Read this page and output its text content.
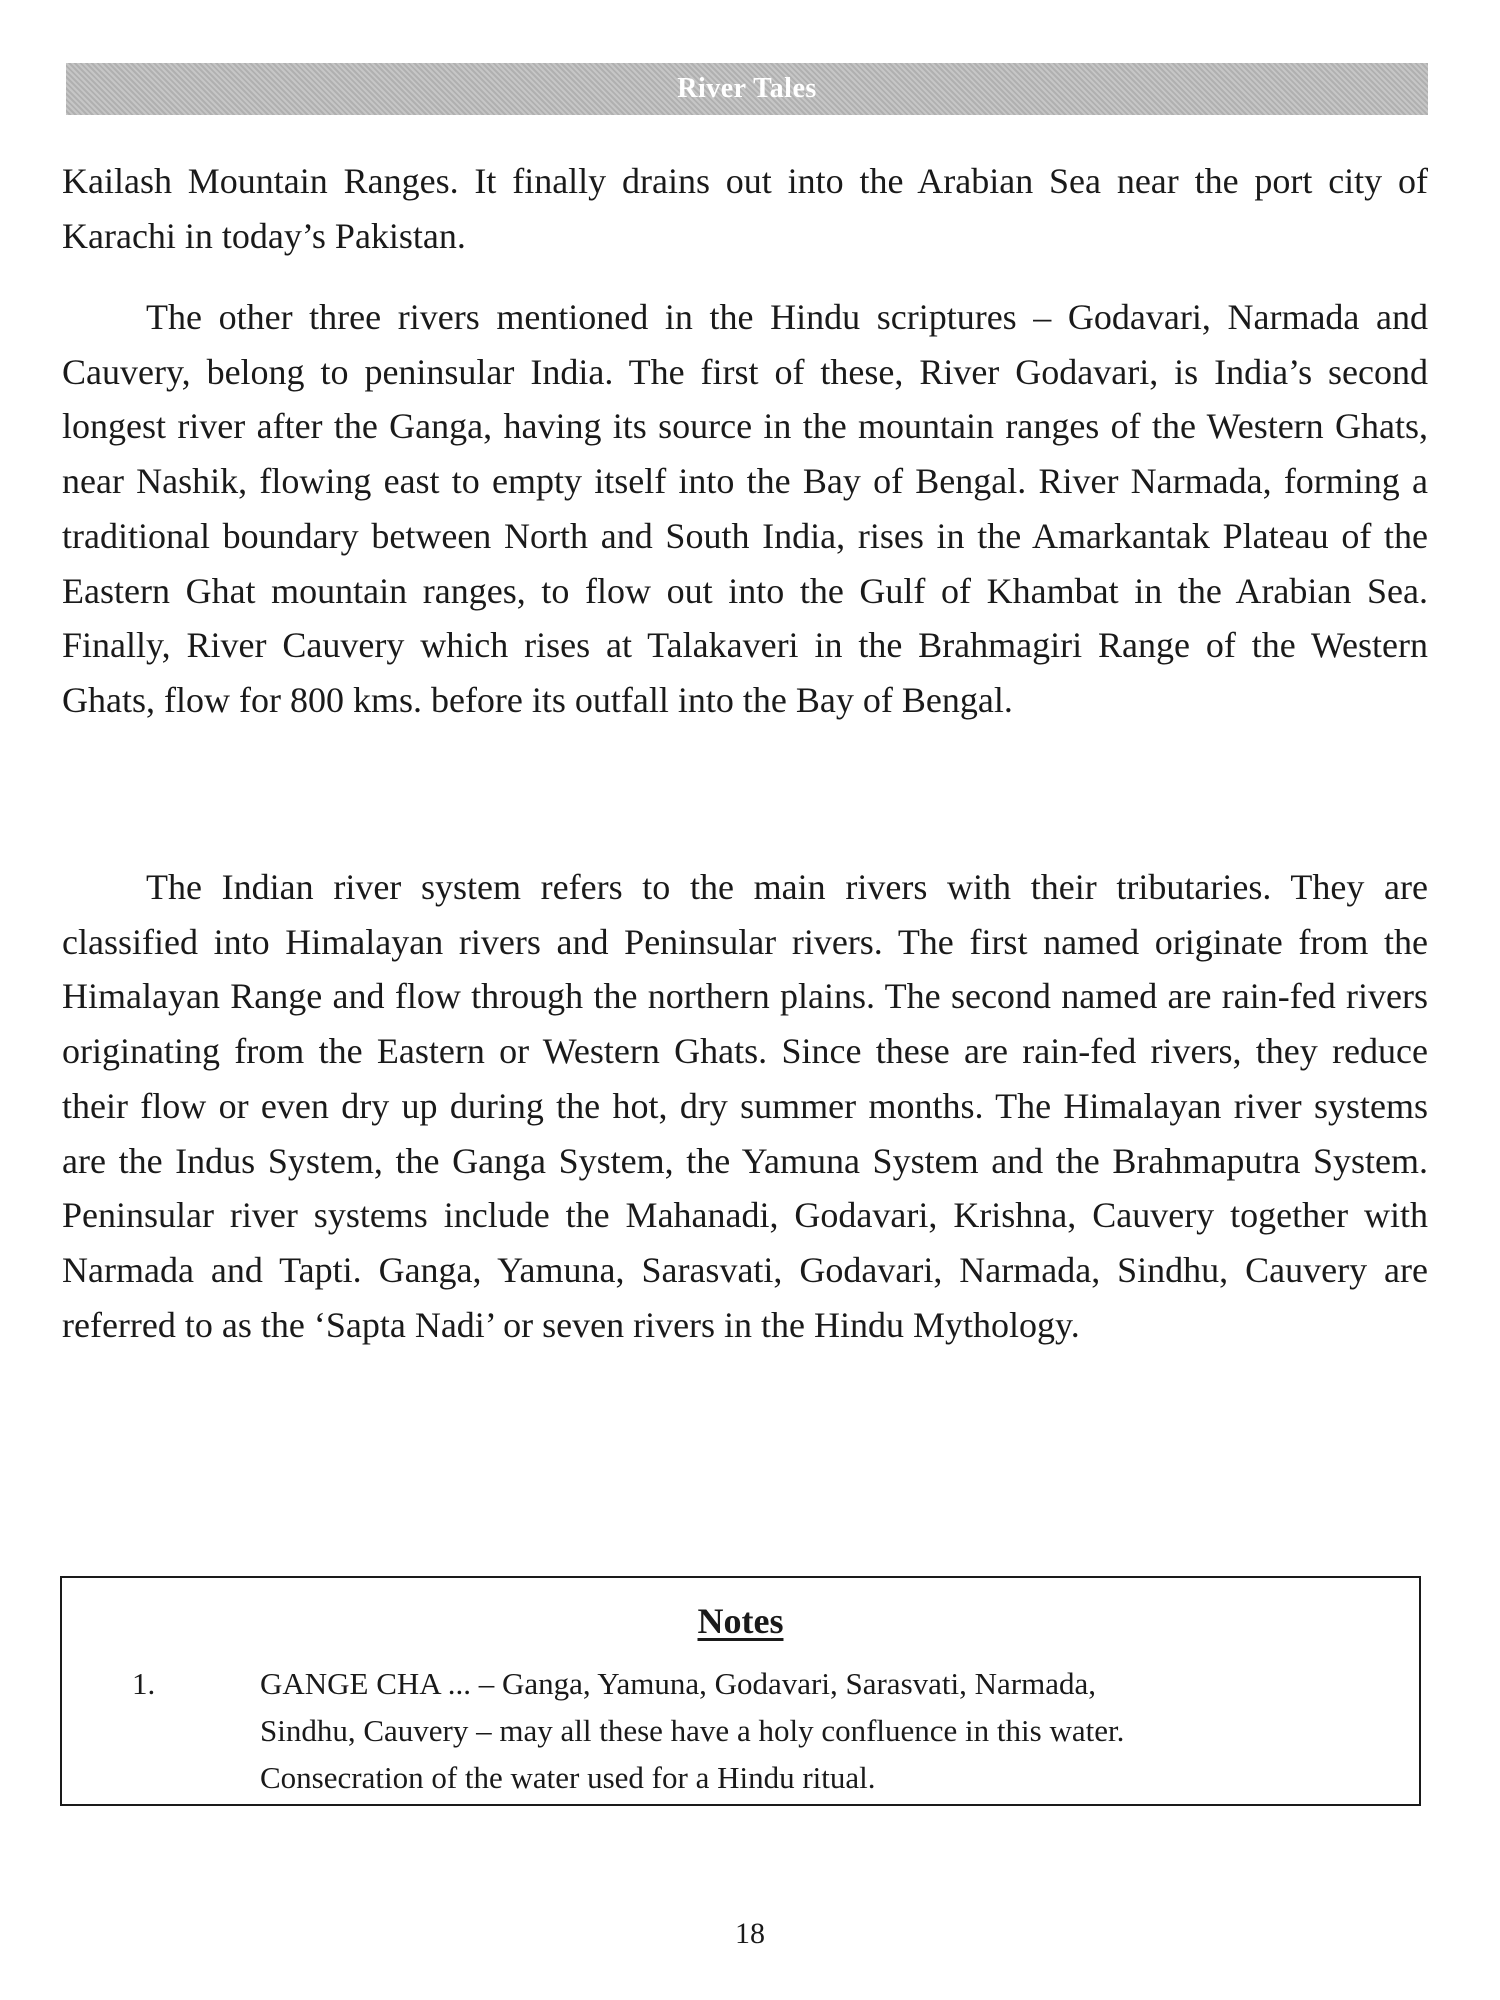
River Tales

Kailash Mountain Ranges. It finally drains out into the Arabian Sea near the port city of Karachi in today’s Pakistan.

The other three rivers mentioned in the Hindu scriptures – Godavari, Narmada and Cauvery, belong to peninsular India. The first of these, River Godavari, is India’s second longest river after the Ganga, having its source in the mountain ranges of the Western Ghats, near Nashik, flowing east to empty itself into the Bay of Bengal. River Narmada, forming a traditional boundary between North and South India, rises in the Amarkantak Plateau of the Eastern Ghat mountain ranges, to flow out into the Gulf of Khambat in the Arabian Sea. Finally, River Cauvery which rises at Talakaveri in the Brahmagiri Range of the Western Ghats, flow for 800 kms. before its outfall into the Bay of Bengal.

The Indian river system refers to the main rivers with their tributaries. They are classified into Himalayan rivers and Peninsular rivers. The first named originate from the Himalayan Range and flow through the northern plains. The second named are rain-fed rivers originating from the Eastern or Western Ghats. Since these are rain-fed rivers, they reduce their flow or even dry up during the hot, dry summer months. The Himalayan river systems are the Indus System, the Ganga System, the Yamuna System and the Brahmaputra System. Peninsular river systems include the Mahanadi, Godavari, Krishna, Cauvery together with Narmada and Tapti. Ganga, Yamuna, Sarasvati, Godavari, Narmada, Sindhu, Cauvery are referred to as the ‘Sapta Nadi’ or seven rivers in the Hindu Mythology.

Notes
1.	GANGE CHA ... – Ganga, Yamuna, Godavari, Sarasvati, Narmada,
Sindhu, Cauvery – may all these have a holy confluence in this water.
Consecration of the water used for a Hindu ritual.
18
